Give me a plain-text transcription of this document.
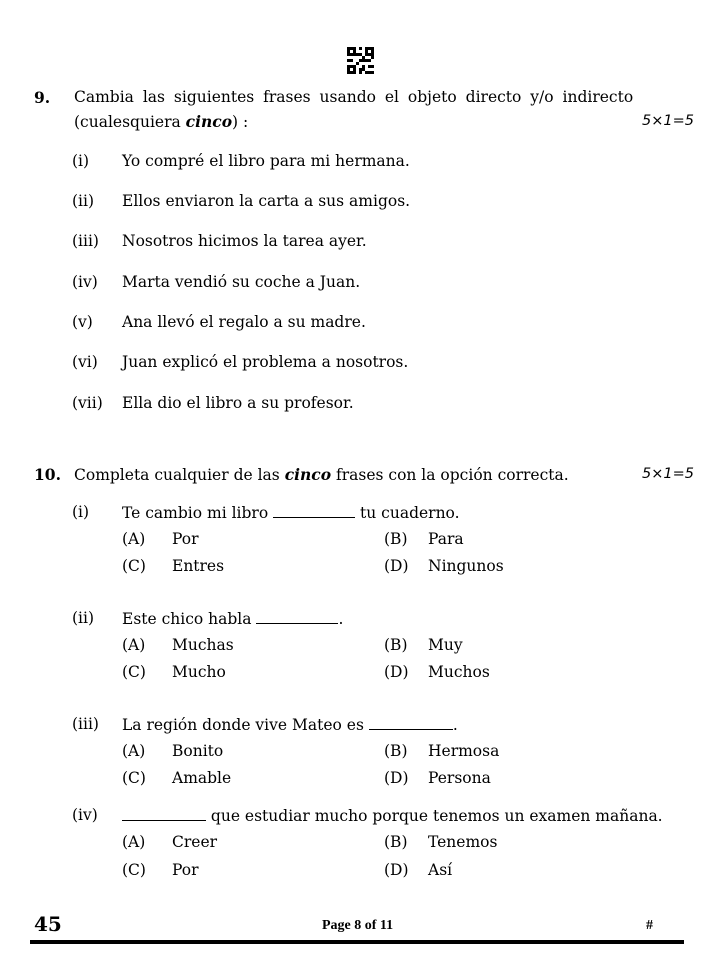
9. Cambia las siguientes frases usando el objeto directo y/o indirecto
(cualesquiera cinco) :	5×1=5
(i) Yo compré el libro para mi hermana.
(ii) Ellos enviaron la carta a sus amigos.
(iii) Nosotros hicimos la tarea ayer.
(iv) Marta vendió su coche a Juan.
(v) Ana llevó el regalo a su madre.
(vi) Juan explicó el problema a nosotros.
(vii) Ella dio el libro a su profesor.
10. Completa cualquier de las cinco frases con la opción correcta.	5×1=5
(i) Te cambio mi libro	tu cuaderno.
(A) Por	(B) Para
(C) Entres	(D) Ningunos
(ii) Este chico habla	.
(A) Muchas	(B) Muy
(C) Mucho	(D) Muchos
(iii) La región donde vive Mateo es	.
(A) Bonito	(B) Hermosa
(C) Amable	(D) Persona
(iv)	que estudiar mucho porque tenemos un examen mañana.
(A) Creer	(B) Tenemos
(C) Por	(D) Así
45	Page 8 of 11	#
